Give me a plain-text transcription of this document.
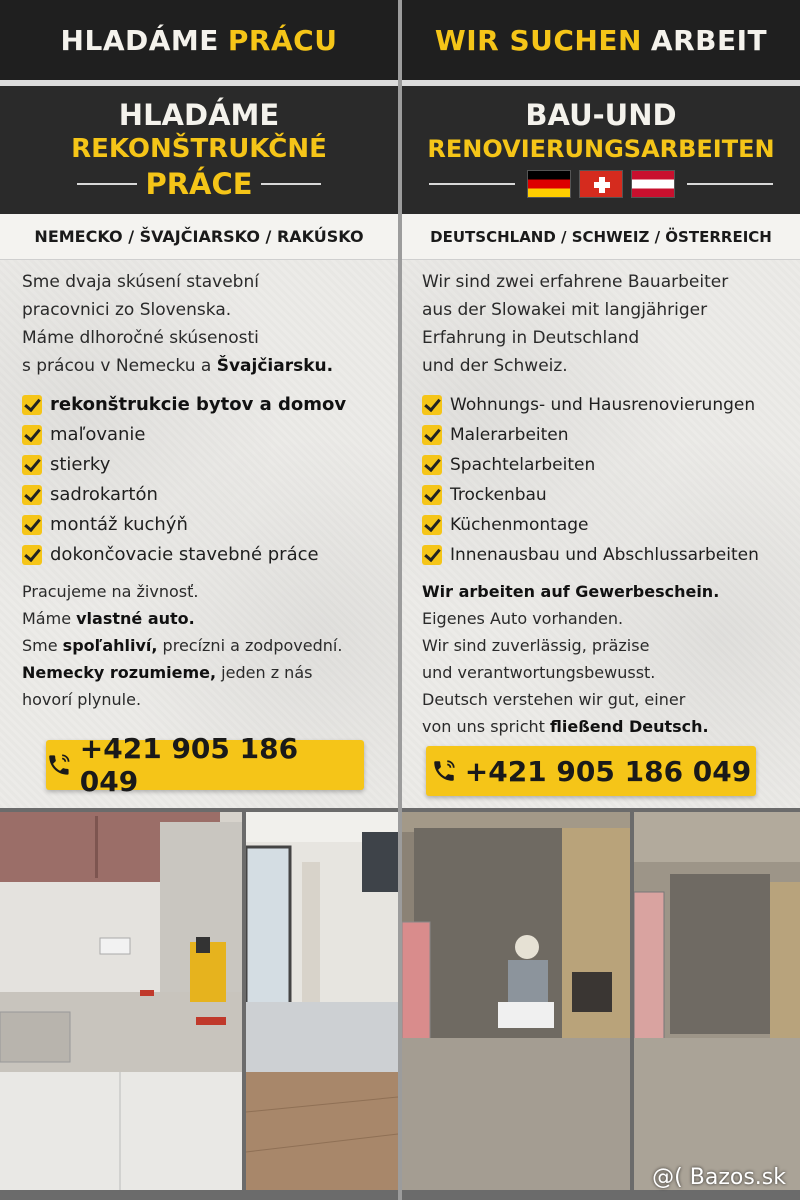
HLADÁME PRÁCU
HLADÁME
REKONŠTRUKČNÉ
PRÁCE
NEMECKO / ŠVAJČIARSKO / RAKÚSKO

Sme dvaja skúsení stavební

pracovnici zo Slovenska.

Máme dlhoročné skúsenosti

s prácou v Nemecku a Švajčiarsku.

rekonštrukcie bytov a domov
maľovanie
stierky
sadrokartón
montáž kuchýň
dokončovacie stavebné práce

Pracujeme na živnosť.

Máme vlastné auto.

Sme spoľahliví, precízni a zodpovední.

Nemecky rozumieme, jeden z nás

hovorí plynule.

+421 905 186 049
WIR SUCHEN ARBEIT
BAU-UND
RENOVIERUNGSARBEITEN
DEUTSCHLAND /
SCHWEIZ
/ ÖSTERREICH

Wir sind zwei erfahrene Bauarbeiter

aus der Slowakei mit langjähriger

Erfahrung in Deutschland

und der Schweiz.

Wohnungs- und Hausrenovierungen
Malerarbeiten
Spachtelarbeiten
Trockenbau
Küchenmontage
Innenausbau und Abschlussarbeiten

Wir arbeiten auf Gewerbeschein.

Eigenes Auto vorhanden.

Wir sind zuverlässig, präzise

und verantwortungsbewusst.

Deutsch verstehen wir gut, einer

von uns spricht fließend Deutsch.

+421 905 186 049
@( Bazos.sk
